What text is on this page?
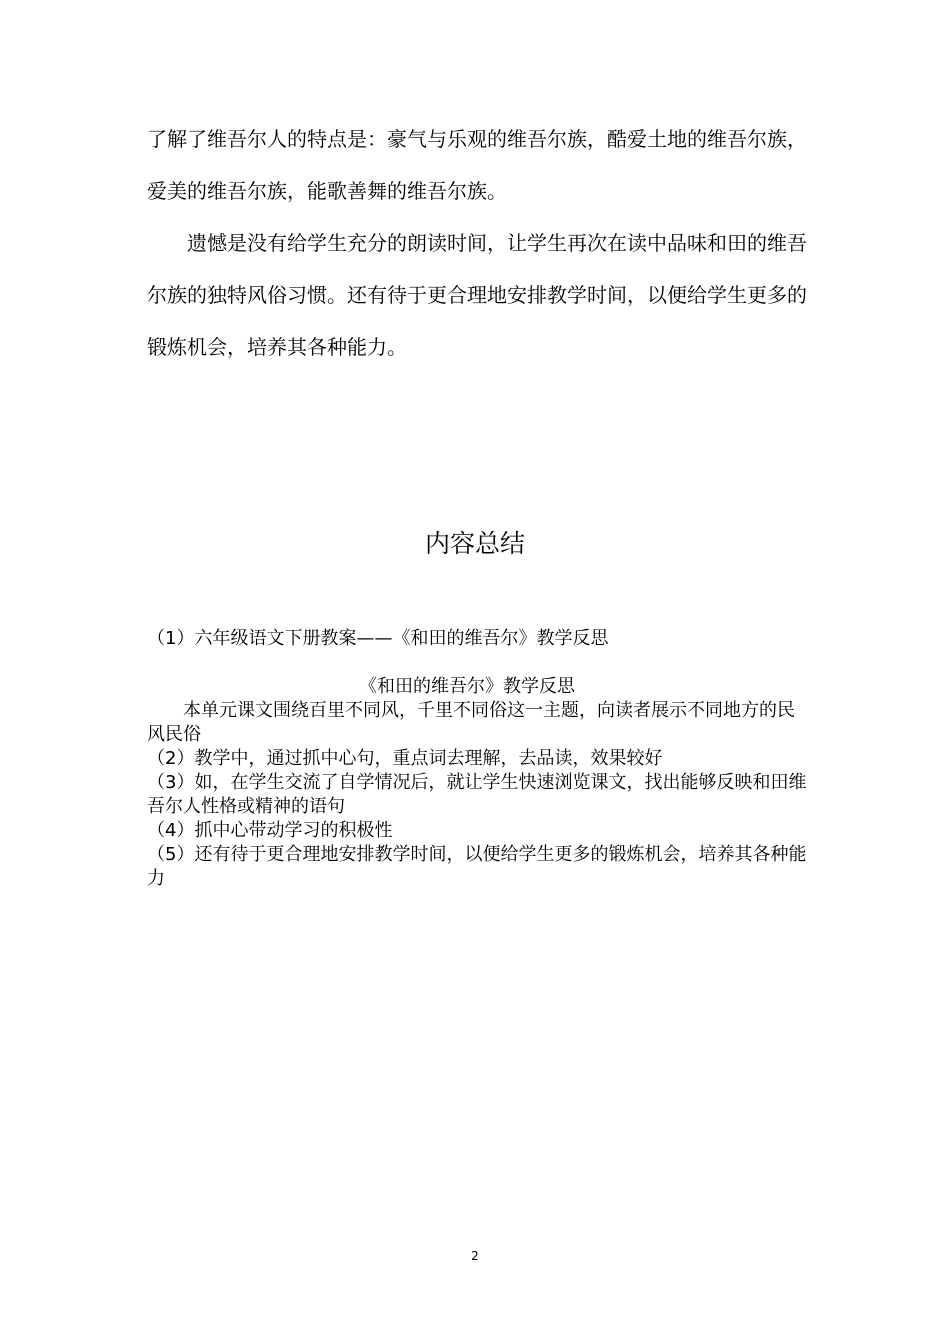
了解了维吾尔人的特点是：豪气与乐观的维吾尔族，酷爱土地的维吾尔族，爱美的维吾尔族，能歌善舞的维吾尔族。
遗憾是没有给学生充分的朗读时间，让学生再次在读中品味和田的维吾尔族的独特风俗习惯。还有待于更合理地安排教学时间，以便给学生更多的锻炼机会，培养其各种能力。
内容总结
（1）六年级语文下册教案——《和田的维吾尔》教学反思
《和田的维吾尔》教学反思
本单元课文围绕百里不同风，千里不同俗这一主题，向读者展示不同地方的民风民俗
（2）教学中，通过抓中心句，重点词去理解，去品读，效果较好
（3）如，在学生交流了自学情况后，就让学生快速浏览课文，找出能够反映和田维吾尔人性格或精神的语句
（4）抓中心带动学习的积极性
（5）还有待于更合理地安排教学时间，以便给学生更多的锻炼机会，培养其各种能力
2
